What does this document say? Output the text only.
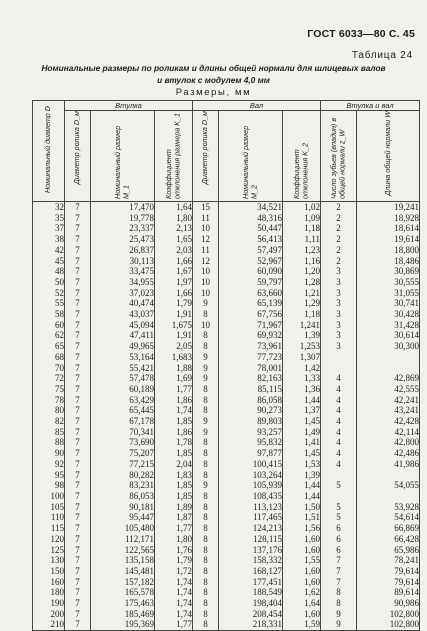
ГОСТ 6033—80 С. 45
Таблица 24
Номинальные размеры по роликам и длины общей нормали для шлицевых валов
и втулок с модулем 4,0 мм
Размеры, мм
Номинальный диаметр D	Втулка			Вал			Втулка и вал	

	Диаметр ролика D_м	Номинальный размер M_1	Коэффициент отклонения размера K_1	Диаметр ролика D_м	Номинальный размер M_2	Коэффициент отклонения K_2	Число зубьев (впадин) в общей нормали z_W	Длина общей нормали W

32	7	17,470	1,64	15	34,521	1,02	2	19,241
35	7	19,778	1,80	11	48,316	1,09	2	18,928
37	7	23,337	2,13	10	50,447	1,18	2	18,614
38	7	25,473	1,65	12	56,413	1,11	2	19,614
42	7	26,837	2,03	11	57,497	1,23	2	18,800
45	7	30,113	1,66	12	52,967	1,16	2	18,486
48	7	33,475	1,67	10	60,090	1,20	3	30,869
50	7	34,955	1,97	10	59,797	1,28	3	30,555
52	7	37,023	1,66	10	63,660	1,21	3	31,055
55	7	40,474	1,79	9	65,139	1,29	3	30,741
58	7	43,037	1,91	8	67,756	1,18	3	30,428
60	7	45,094	1,675	10	71,967	1,241	3	31,428
62	7	47,411	1,91	8	69,932	1,39	3	30,614
65	7	49,965	2,05	8	73,961	1,253	3	30,300
68	7	53,164	1,683	9	77,723	1,307		
70	7	55,421	1,88	9	78,001	1,42		
72	7	57,478	1,69	9	82,163	1,33	4	42,869
75	7	60,189	1,77	8	85,115	1,36	4	42,555
78	7	63,429	1,86	8	86,058	1,44	4	42,241
80	7	65,445	1,74	8	90,273	1,37	4	43,241
82	7	67,178	1,85	9	89,803	1,45	4	42,428
85	7	70,341	1,86	9	93,257	1,49	4	42,114
88	7	73,690	1,78	8	95,832	1,41	4	42,800
90	7	75,207	1,85	8	97,877	1,45	4	42,486
92	7	77,215	2,04	8	100,415	1,53	4	41,986
95	7	80,282	1,83	8	103,264	1,39		
98	7	83,231	1,85	9	105,939	1,44	5	54,055
100	7	86,053	1,85	8	108,435	1,44		
105	7	90,181	1,89	8	113,123	1,50	5	53,928
110	7	95,447	1,87	8	117,465	1,51	5	54,614
115	7	105,480	1,77	8	124,213	1,56	6	66,869
120	7	112,171	1,80	8	128,115	1,60	6	66,428
125	7	122,565	1,76	8	137,176	1,60	6	65,986
130	7	135,158	1,79	8	158,332	1,55	7	78,241
150	7	145,481	1,72	8	168,127	1,60	7	79,614
160	7	157,182	1,74	8	177,451	1,60	7	79,614
180	7	165,578	1,74	8	188,549	1,62	8	89,614
190	7	175,463	1,74	8	198,404	1,64	8	90,986
200	7	185,469	1,74	8	208,454	1,60	9	102,800
210	7	195,369	1,77	8	218,331	1,59	9	102,800
